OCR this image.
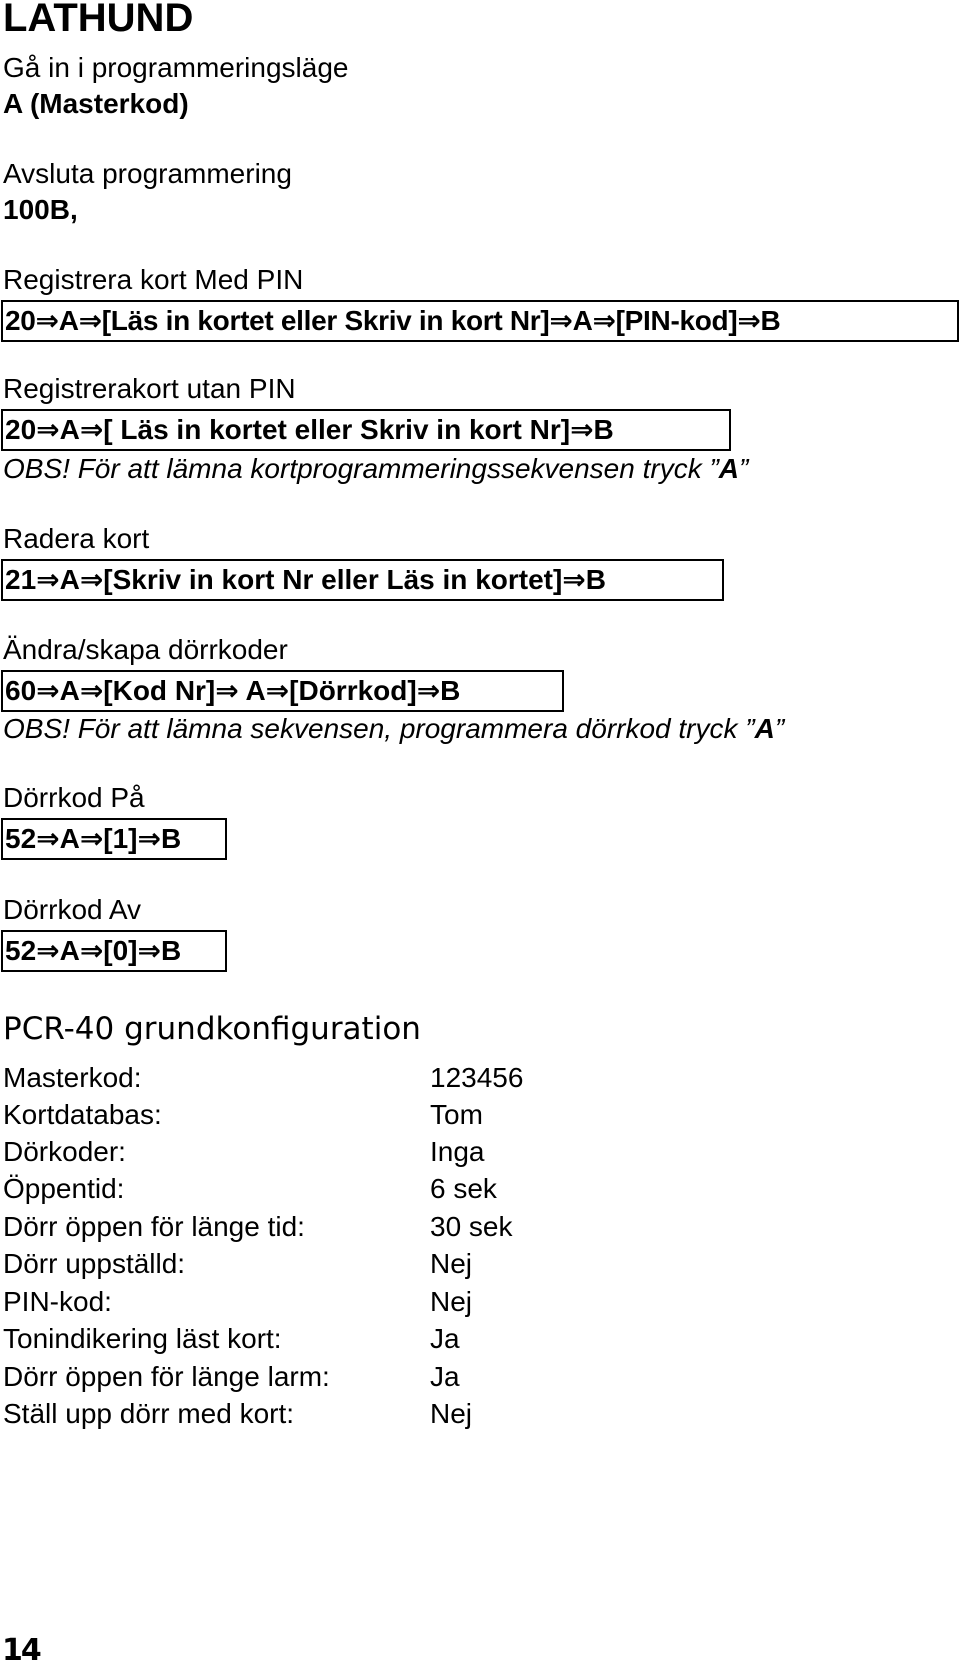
LATHUND
Gå in i programmeringsläge
A (Masterkod)
Avsluta programmering
100B,
Registrera kort Med PIN
20⇒A⇒[Läs in kortet eller Skriv in kort Nr]⇒A⇒[PIN-kod]⇒B
Registrerakort utan PIN
20⇒A⇒[ Läs in kortet eller Skriv in kort Nr]⇒B
OBS! För att lämna kortprogrammeringssekvensen tryck ”A”
Radera kort
21⇒A⇒[Skriv in kort Nr eller Läs in kortet]⇒B
Ändra/skapa dörrkoder
60⇒A⇒[Kod Nr]⇒ A⇒[Dörrkod]⇒B
OBS! För att lämna sekvensen, programmera dörrkod tryck ”A”
Dörrkod På
52⇒A⇒[1]⇒B
Dörrkod Av
52⇒A⇒[0]⇒B
PCR-40 grundkonfiguration
Masterkod:	123456
Kortdatabas:	Tom
Dörkoder:	Inga
Öppentid:	6 sek
Dörr öppen för länge tid:	30 sek
Dörr uppställd:	Nej
PIN-kod:	Nej
Tonindikering läst kort:	Ja
Dörr öppen för länge larm:	Ja
Ställ upp dörr med kort:	Nej
14
